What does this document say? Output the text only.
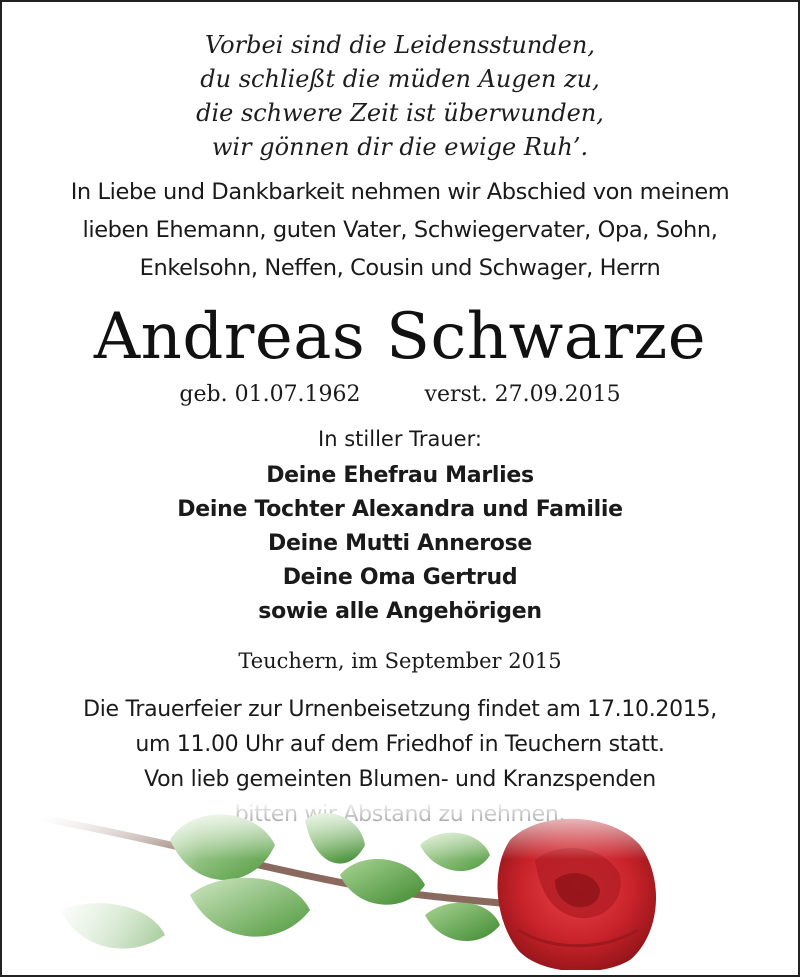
Vorbei sind die Leidensstunden,
du schließt die müden Augen zu,
die schwere Zeit ist überwunden,
wir gönnen dir die ewige Ruh’.
In Liebe und Dankbarkeit nehmen wir Abschied von meinem
lieben Ehemann, guten Vater, Schwiegervater, Opa, Sohn,
Enkelsohn, Neffen, Cousin und Schwager, Herrn
Andreas Schwarze
geb. 01.07.1962	verst. 27.09.2015
In stiller Trauer:
Deine Ehefrau Marlies
Deine Tochter Alexandra und Familie
Deine Mutti Annerose
Deine Oma Gertrud
sowie alle Angehörigen
Teuchern, im September 2015
Die Trauerfeier zur Urnenbeisetzung findet am 17.10.2015,
um 11.00 Uhr auf dem Friedhof in Teuchern statt.
Von lieb gemeinten Blumen- und Kranzspenden
